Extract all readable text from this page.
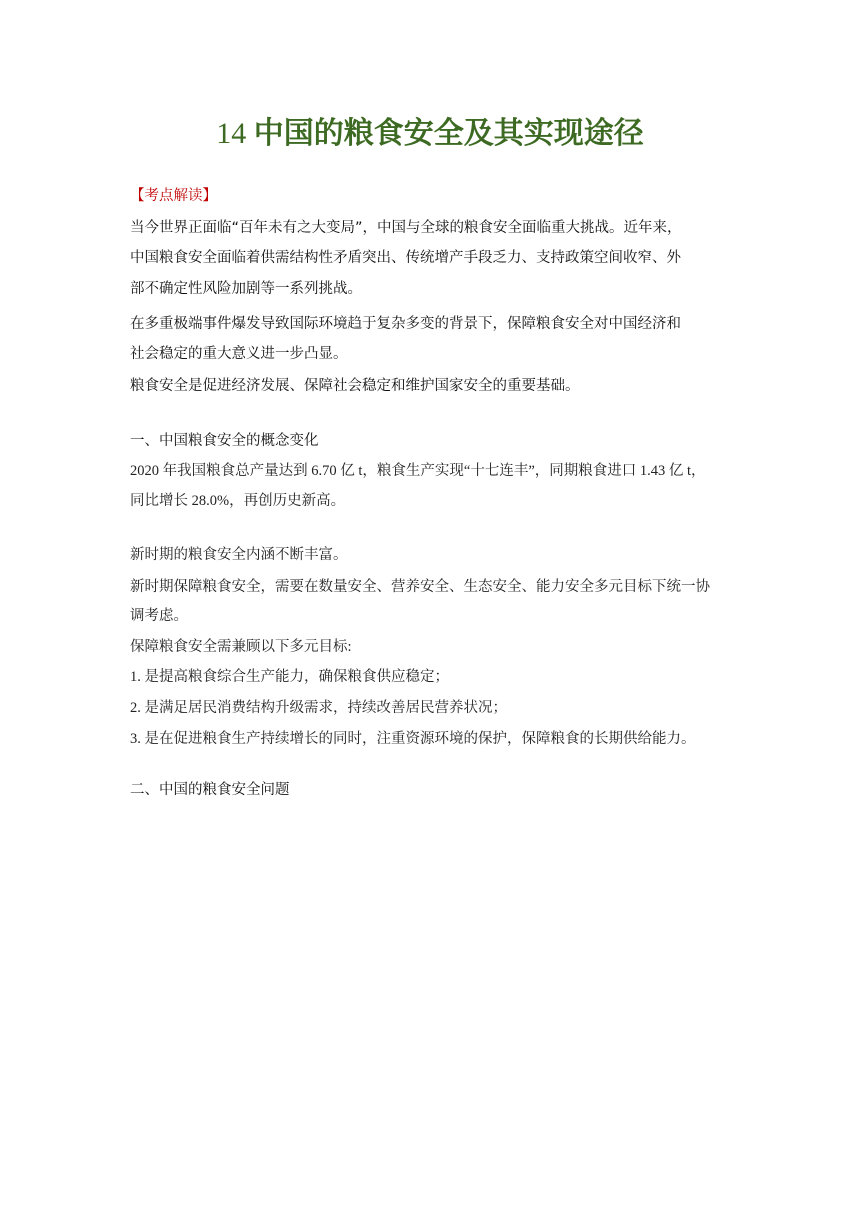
14 中国的粮食安全及其实现途径
【考点解读】
当今世界正面临“百年未有之大变局”，中国与全球的粮食安全面临重大挑战。近年来，
中国粮食安全面临着供需结构性矛盾突出、传统增产手段乏力、支持政策空间收窄、外
部不确定性风险加剧等一系列挑战。
在多重极端事件爆发导致国际环境趋于复杂多变的背景下，保障粮食安全对中国经济和
社会稳定的重大意义进一步凸显。
粮食安全是促进经济发展、保障社会稳定和维护国家安全的重要基础。
一、中国粮食安全的概念变化
2020 年我国粮食总产量达到 6.70 亿 t，粮食生产实现“十七连丰”，同期粮食进口 1.43 亿 t，
同比增长 28.0%，再创历史新高。
新时期的粮食安全内涵不断丰富。
新时期保障粮食安全，需要在数量安全、营养安全、生态安全、能力安全多元目标下统一协
调考虑。
保障粮食安全需兼顾以下多元目标:
1. 是提高粮食综合生产能力，确保粮食供应稳定；
2. 是满足居民消费结构升级需求，持续改善居民营养状况；
3. 是在促进粮食生产持续增长的同时，注重资源环境的保护，保障粮食的长期供给能力。
二、中国的粮食安全问题
